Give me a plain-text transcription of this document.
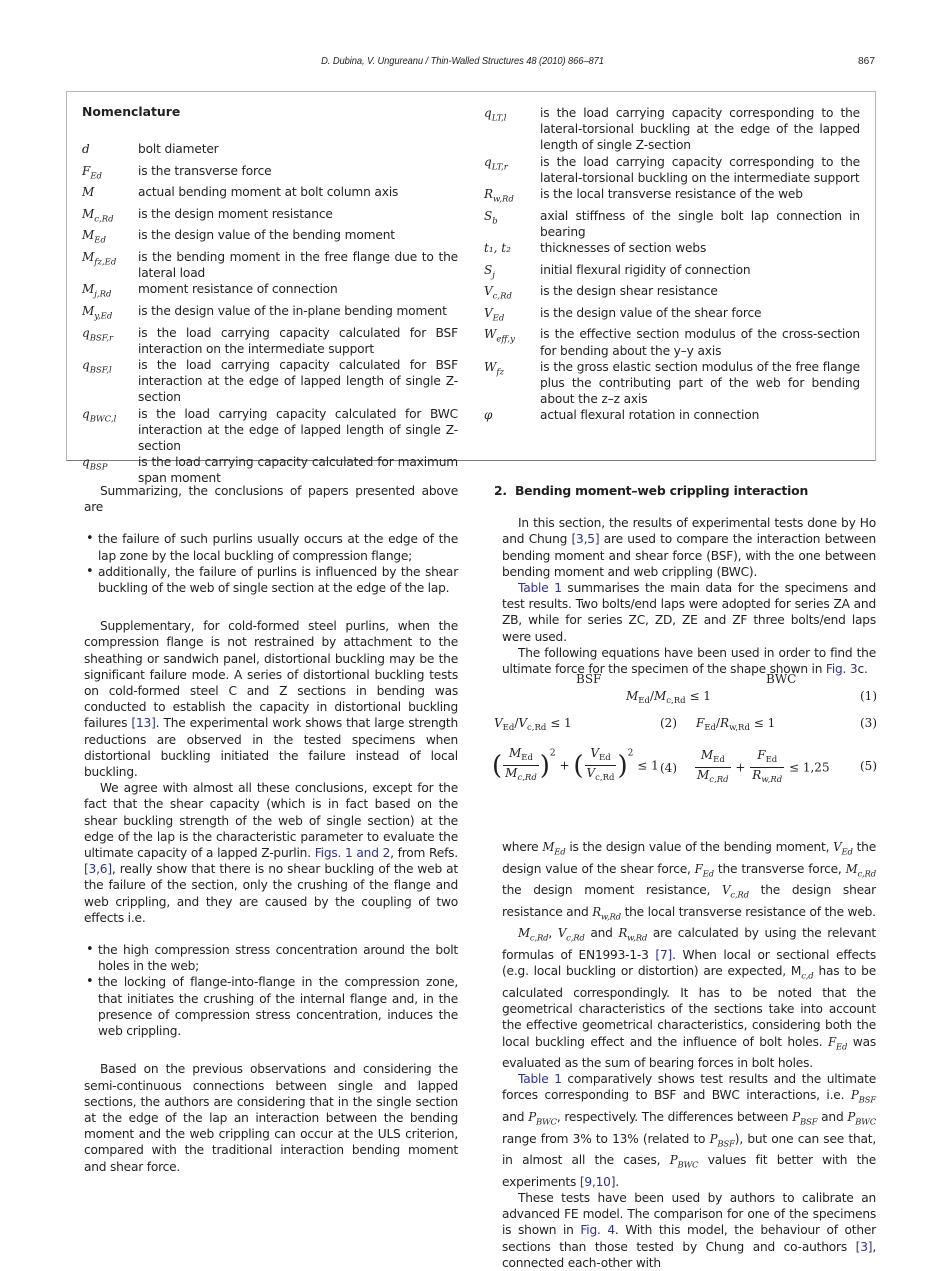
D. Dubina, V. Ungureanu / Thin-Walled Structures 48 (2010) 866–871	867
Nomenclature
d	bolt diameter
$F_{Ed}$	is the transverse force
M	actual bending moment at bolt column axis
$M_{c,Rd}$	is the design moment resistance
$M_{Ed}$	is the design value of the bending moment
$M_{fz,Ed}$	is the bending moment in the free flange due to the lateral load
$M_{j,Rd}$	moment resistance of connection
$M_{y,Ed}$	is the design value of the in-plane bending moment
$q_{BSF,r}$	is the load carrying capacity calculated for BSF interaction on the intermediate support
$q_{BSF,l}$	is the load carrying capacity calculated for BSF interaction at the edge of lapped length of single Z-section
$q_{BWC,l}$	is the load carrying capacity calculated for BWC interaction at the edge of lapped length of single Z-section
$q_{BSP}$	is the load carrying capacity calculated for maximum span moment
$q_{LT,l}$	is the load carrying capacity corresponding to the lateral-torsional buckling at the edge of the lapped length of single Z-section
$q_{LT,r}$	is the load carrying capacity corresponding to the lateral-torsional buckling on the intermediate support
$R_{w,Rd}$	is the local transverse resistance of the web
$S_b$	axial stiffness of the single bolt lap connection in bearing
t₁, t₂	thicknesses of section webs
$S_j$	initial flexural rigidity of connection
$V_{c,Rd}$	is the design shear resistance
$V_{Ed}$	is the design value of the shear force
$W_{eff,y}$	is the effective section modulus of the cross-section for bending about the y–y axis
$W_{fz}$	is the gross elastic section modulus of the free flange plus the contributing part of the web for bending about the z–z axis
φ	actual flexural rotation in connection

Summarizing, the conclusions of papers presented above are

• the failure of such purlins usually occurs at the edge of the lap zone by the local buckling of compression flange;
• additionally, the failure of purlins is influenced by the shear buckling of the web of single section at the edge of the lap.

Supplementary, for cold-formed steel purlins, when the compression flange is not restrained by attachment to the sheathing or sandwich panel, distortional buckling may be the significant failure mode. A series of distortional buckling tests on cold-formed steel C and Z sections in bending was conducted to establish the capacity in distortional buckling failures [13]. The experimental work shows that large strength reductions are observed in the tested specimens when distortional buckling initiated the failure instead of local buckling.

We agree with almost all these conclusions, except for the fact that the shear capacity (which is in fact based on the shear buckling strength of the web of single section) at the edge of the lap is the characteristic parameter to evaluate the ultimate capacity of a lapped Z-purlin. Figs. 1 and 2, from Refs. [3,6], really show that there is no shear buckling of the web at the failure of the section, only the crushing of the flange and web crippling, and they are caused by the coupling of two effects i.e.

• the high compression stress concentration around the bolt holes in the web;
• the locking of flange-into-flange in the compression zone, that initiates the crushing of the internal flange and, in the presence of compression stress concentration, induces the web crippling.

Based on the previous observations and considering the semi-continuous connections between single and lapped sections, the authors are considering that in the single section at the edge of the lap an interaction between the bending moment and the web crippling can occur at the ULS criterion, compared with the traditional interaction bending moment and shear force.

2. Bending moment–web crippling interaction

In this section, the results of experimental tests done by Ho and Chung [3,5] are used to compare the interaction between bending moment and shear force (BSF), with the one between bending moment and web crippling (BWC).

Table 1 summarises the main data for the specimens and test results. Two bolts/end laps were adopted for series ZA and ZB, while for series ZC, ZD, ZE and ZF three bolts/end laps were used.

The following equations have been used in order to find the ultimate force for the specimen of the shape shown in Fig. 3c.

where $M_{Ed}$ is the design value of the bending moment, $V_{Ed}$ the design value of the shear force, $F_{Ed}$ the transverse force, $M_{c,Rd}$ the design moment resistance, $V_{c,Rd}$ the design shear resistance and $R_{w,Rd}$ the local transverse resistance of the web.

$M_{c,Rd}$, $V_{c,Rd}$ and $R_{w,Rd}$ are calculated by using the relevant formulas of EN1993-1-3 [7]. When local or sectional effects (e.g. local buckling or distortion) are expected, $M_{c,d}$ has to be calculated correspondingly. It has to be noted that the geometrical characteristics of the sections take into account the effective geometrical characteristics, considering both the local buckling effect and the influence of bolt holes. $F_{Ed}$ was evaluated as the sum of bearing forces in bolt holes.

Table 1 comparatively shows test results and the ultimate forces corresponding to BSF and BWC interactions, i.e. $P_{BSF}$ and $P_{BWC}$, respectively. The differences between $P_{BSF}$ and $P_{BWC}$ range from 3% to 13% (related to $P_{BSF}$), but one can see that, in almost all the cases, $P_{BWC}$ values fit better with the experiments [9,10].

These tests have been used by authors to calibrate an advanced FE model. The comparison for one of the specimens is shown in Fig. 4. With this model, the behaviour of other sections than those tested by Chung and co-authors [3], connected each-other with

BSF	BWC
$M_{Ed}/M_{c,Rd} \le 1$	(1)
$V_{Ed}/V_{c,Rd} \le 1$	(2) $F_{Ed}/R_{w,Rd} \le 1$	(3)
( $\frac{M_{Ed}}{M_{c,Rd}} )^2$ + ( $\frac{V_{Ed}}{V_{c,Rd}} )^2 \le 1$ $(4) \frac{M_{Ed}}{M_{c,Rd}} + \frac{F_{Ed}}{R_{w,Rd}} \le 1,25$	(5)
